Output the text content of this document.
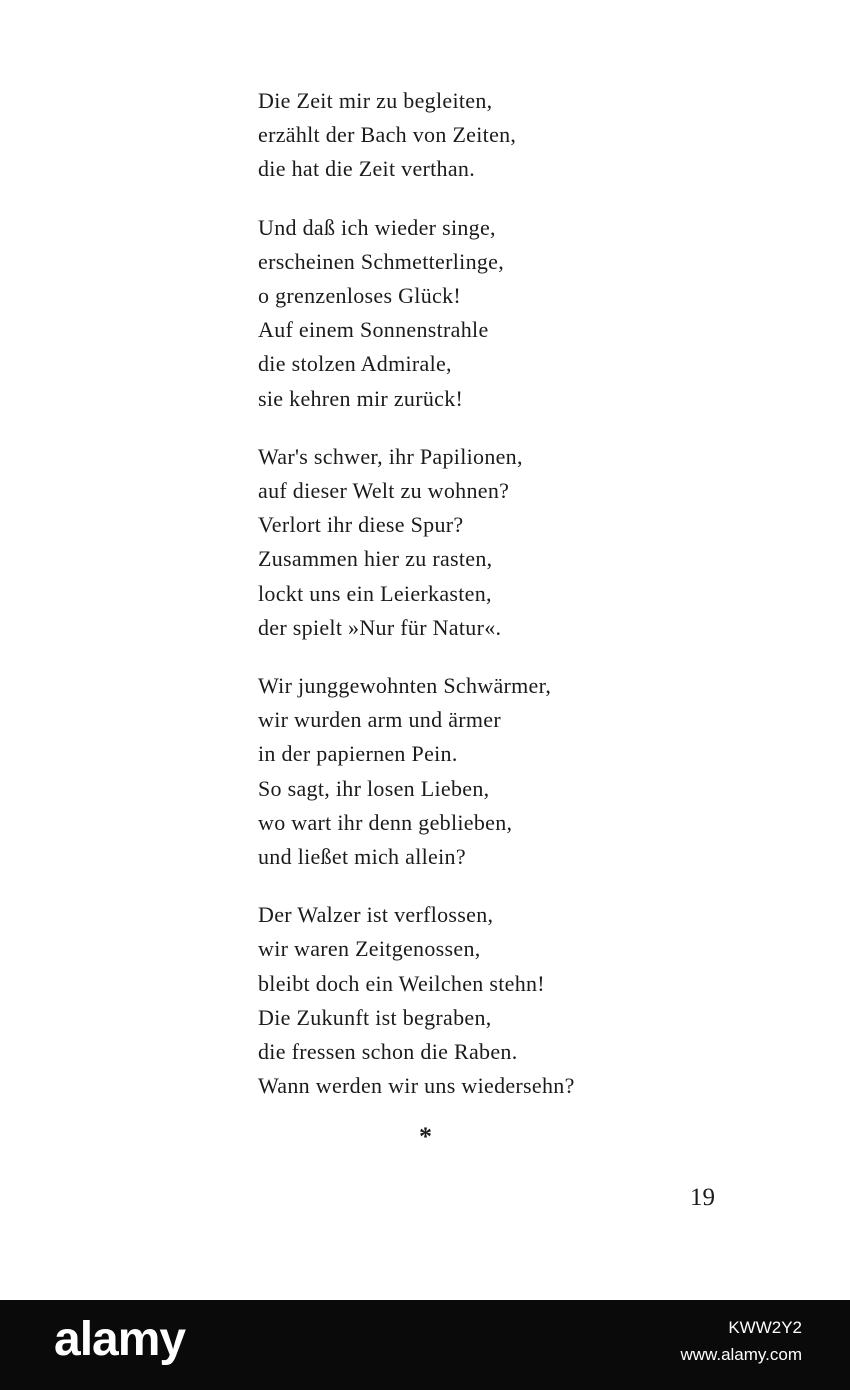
Die Zeit mir zu begleiten,
erzählt der Bach von Zeiten,
die hat die Zeit verthan.
Und daß ich wieder singe,
erscheinen Schmetterlinge,
o grenzenloses Glück!
Auf einem Sonnenstrahle
die stolzen Admirale,
sie kehren mir zurück!
War's schwer, ihr Papilionen,
auf dieser Welt zu wohnen?
Verlort ihr diese Spur?
Zusammen hier zu rasten,
lockt uns ein Leierkasten,
der spielt »Nur für Natur«.
Wir junggewohnten Schwärmer,
wir wurden arm und ärmer
in der papiernen Pein.
So sagt, ihr losen Lieben,
wo wart ihr denn geblieben,
und ließet mich allein?
Der Walzer ist verflossen,
wir waren Zeitgenossen,
bleibt doch ein Weilchen stehn!
Die Zukunft ist begraben,
die fressen schon die Raben.
Wann werden wir uns wiedersehn?
*
19
alamy	KWW2Y2
www.alamy.com
